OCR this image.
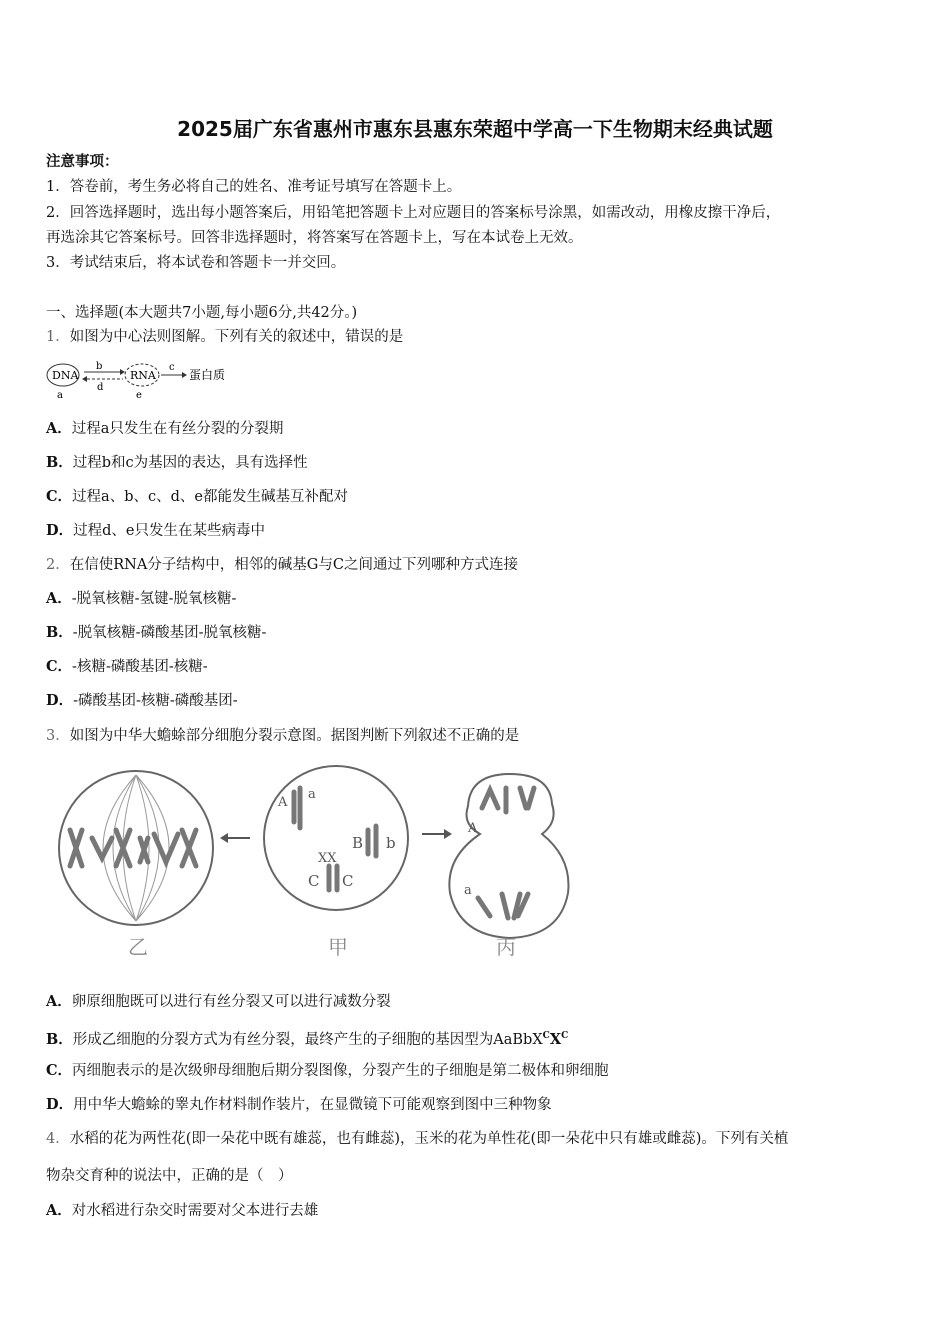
2025届广东省惠州市惠东县惠东荣超中学高一下生物期末经典试题
注意事项：
1．答卷前，考生务必将自己的姓名、准考证号填写在答题卡上。
2．回答选择题时，选出每小题答案后，用铅笔把答题卡上对应题目的答案标号涂黑，如需改动，用橡皮擦干净后，
再选涂其它答案标号。回答非选择题时，将答案写在答题卡上，写在本试卷上无效。
3．考试结束后，将本试卷和答题卡一并交回。
一、选择题(本大题共7小题,每小题6分,共42分。)
1．如图为中心法则图解。下列有关的叙述中，错误的是
DNA
a
b
d
RNA
e
c
蛋白质
A．过程a只发生在有丝分裂的分裂期
B．过程b和c为基因的表达，具有选择性
C．过程a、b、c、d、e都能发生碱基互补配对
D．过程d、e只发生在某些病毒中
2．在信使RNA分子结构中，相邻的碱基G与C之间通过下列哪种方式连接
A．-脱氧核糖-氢键-脱氧核糖-
B．-脱氧核糖-磷酸基团-脱氧核糖-
C．-核糖-磷酸基团-核糖-
D．-磷酸基团-核糖-磷酸基团-
3．如图为中华大蟾蜍部分细胞分裂示意图。据图判断下列叙述不正确的是
乙
A
a
B b
XX
C C
甲
A
a
丙
A．卵原细胞既可以进行有丝分裂又可以进行减数分裂
B．形成乙细胞的分裂方式为有丝分裂，最终产生的子细胞的基因型为$AaBbX^CX^C$
C．丙细胞表示的是次级卵母细胞后期分裂图像，分裂产生的子细胞是第二极体和卵细胞
D．用中华大蟾蜍的睾丸作材料制作装片，在显微镜下可能观察到图中三种物象
4．水稻的花为两性花(即一朵花中既有雄蕊，也有雌蕊)，玉米的花为单性花(即一朵花中只有雄或雌蕊)。下列有关植
物杂交育种的说法中，正确的是（　）
A．对水稻进行杂交时需要对父本进行去雄
